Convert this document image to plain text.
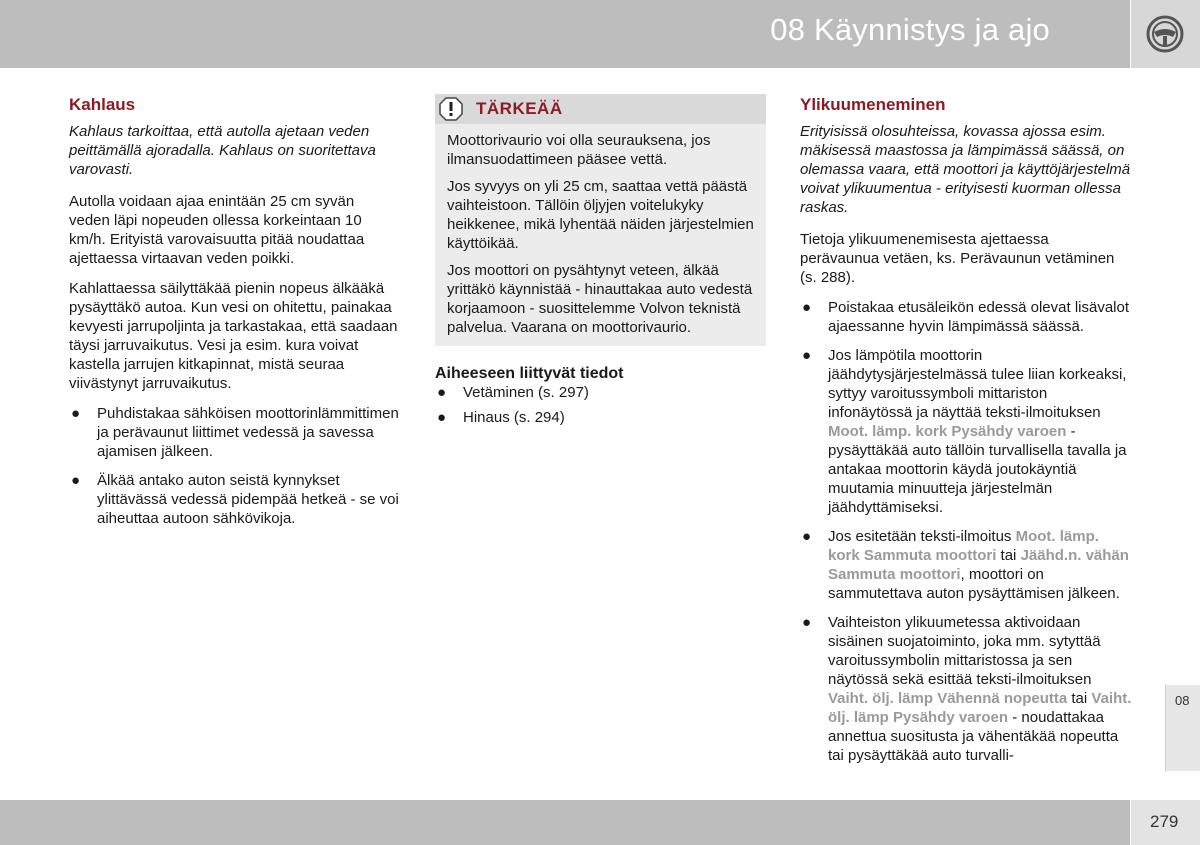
08 Käynnistys ja ajo
Kahlaus

Kahlaus tarkoittaa, että autolla ajetaan veden peittämällä ajoradalla. Kahlaus on suoritettava varovasti.

Autolla voidaan ajaa enintään 25 cm syvän veden läpi nopeuden ollessa korkeintaan 10 km/h. Erityistä varovaisuutta pitää noudattaa ajettaessa virtaavan veden poikki.

Kahlattaessa säilyttäkää pienin nopeus älkääkä pysäyttäkö autoa. Kun vesi on ohitettu, painakaa kevyesti jarrupoljinta ja tarkastakaa, että saadaan täysi jarruvaikutus. Vesi ja esim. kura voivat kastella jarrujen kitkapinnat, mistä seuraa viivästynyt jarruvaikutus.

● Puhdistakaa sähköisen moottorinlämmittimen ja perävaunut liittimet vedessä ja savessa ajamisen jälkeen.
● Älkää antako auton seistä kynnykset ylittävässä vedessä pidempää hetkeä - se voi aiheuttaa autoon sähkövikoja.
TÄRKEÄÄ

Moottorivaurio voi olla seurauksena, jos ilmansuodattimeen pääsee vettä.

Jos syvyys on yli 25 cm, saattaa vettä päästä vaihteistoon. Tällöin öljyjen voitelukyky heikkenee, mikä lyhentää näiden järjestelmien käyttöikää.

Jos moottori on pysähtynyt veteen, älkää yrittäkö käynnistää - hinauttakaa auto vedestä korjaamoon - suosittelemme Volvon teknistä palvelua. Vaarana on moottorivaurio.

Aiheeseen liittyvät tiedot
● Vetäminen (s. 297)
● Hinaus (s. 294)
Ylikuumeneminen

Erityisissä olosuhteissa, kovassa ajossa esim. mäkisessä maastossa ja lämpimässä säässä, on olemassa vaara, että moottori ja käyttöjärjestelmä voivat ylikuumentua - erityisesti kuorman ollessa raskas.

Tietoja ylikuumenemisesta ajettaessa perävaunua vetäen, ks. Perävaunun vetäminen (s. 288).

● Poistakaa etusäleikön edessä olevat lisävalot ajaessanne hyvin lämpimässä säässä.
● Jos lämpötila moottorin jäähdytysjärjestelmässä tulee liian korkeaksi, syttyy varoitussymboli mittariston infonäytössä ja näyttää teksti-ilmoituksen Moot. lämp. kork Pysähdy varoen - pysäyttäkää auto tällöin turvallisella tavalla ja antakaa moottorin käydä joutokäyntiä muutamia minuutteja järjestelmän jäähdyttämiseksi.
● Jos esitetään teksti-ilmoitus Moot. lämp. kork Sammuta moottori tai Jäähd.n. vähän Sammuta moottori, moottori on sammutettava auton pysäyttämisen jälkeen.
● Vaihteiston ylikuumetessa aktivoidaan sisäinen suojatoiminto, joka mm. sytyttää varoitussymbolin mittaristossa ja sen näytössä sekä esittää teksti-ilmoituksen Vaiht. ölj. lämp Vähennä nopeutta tai Vaiht. ölj. lämp Pysähdy varoen - noudattakaa annettua suositusta ja vähentäkää nopeutta tai pysäyttäkää auto turvalli-
08
279
